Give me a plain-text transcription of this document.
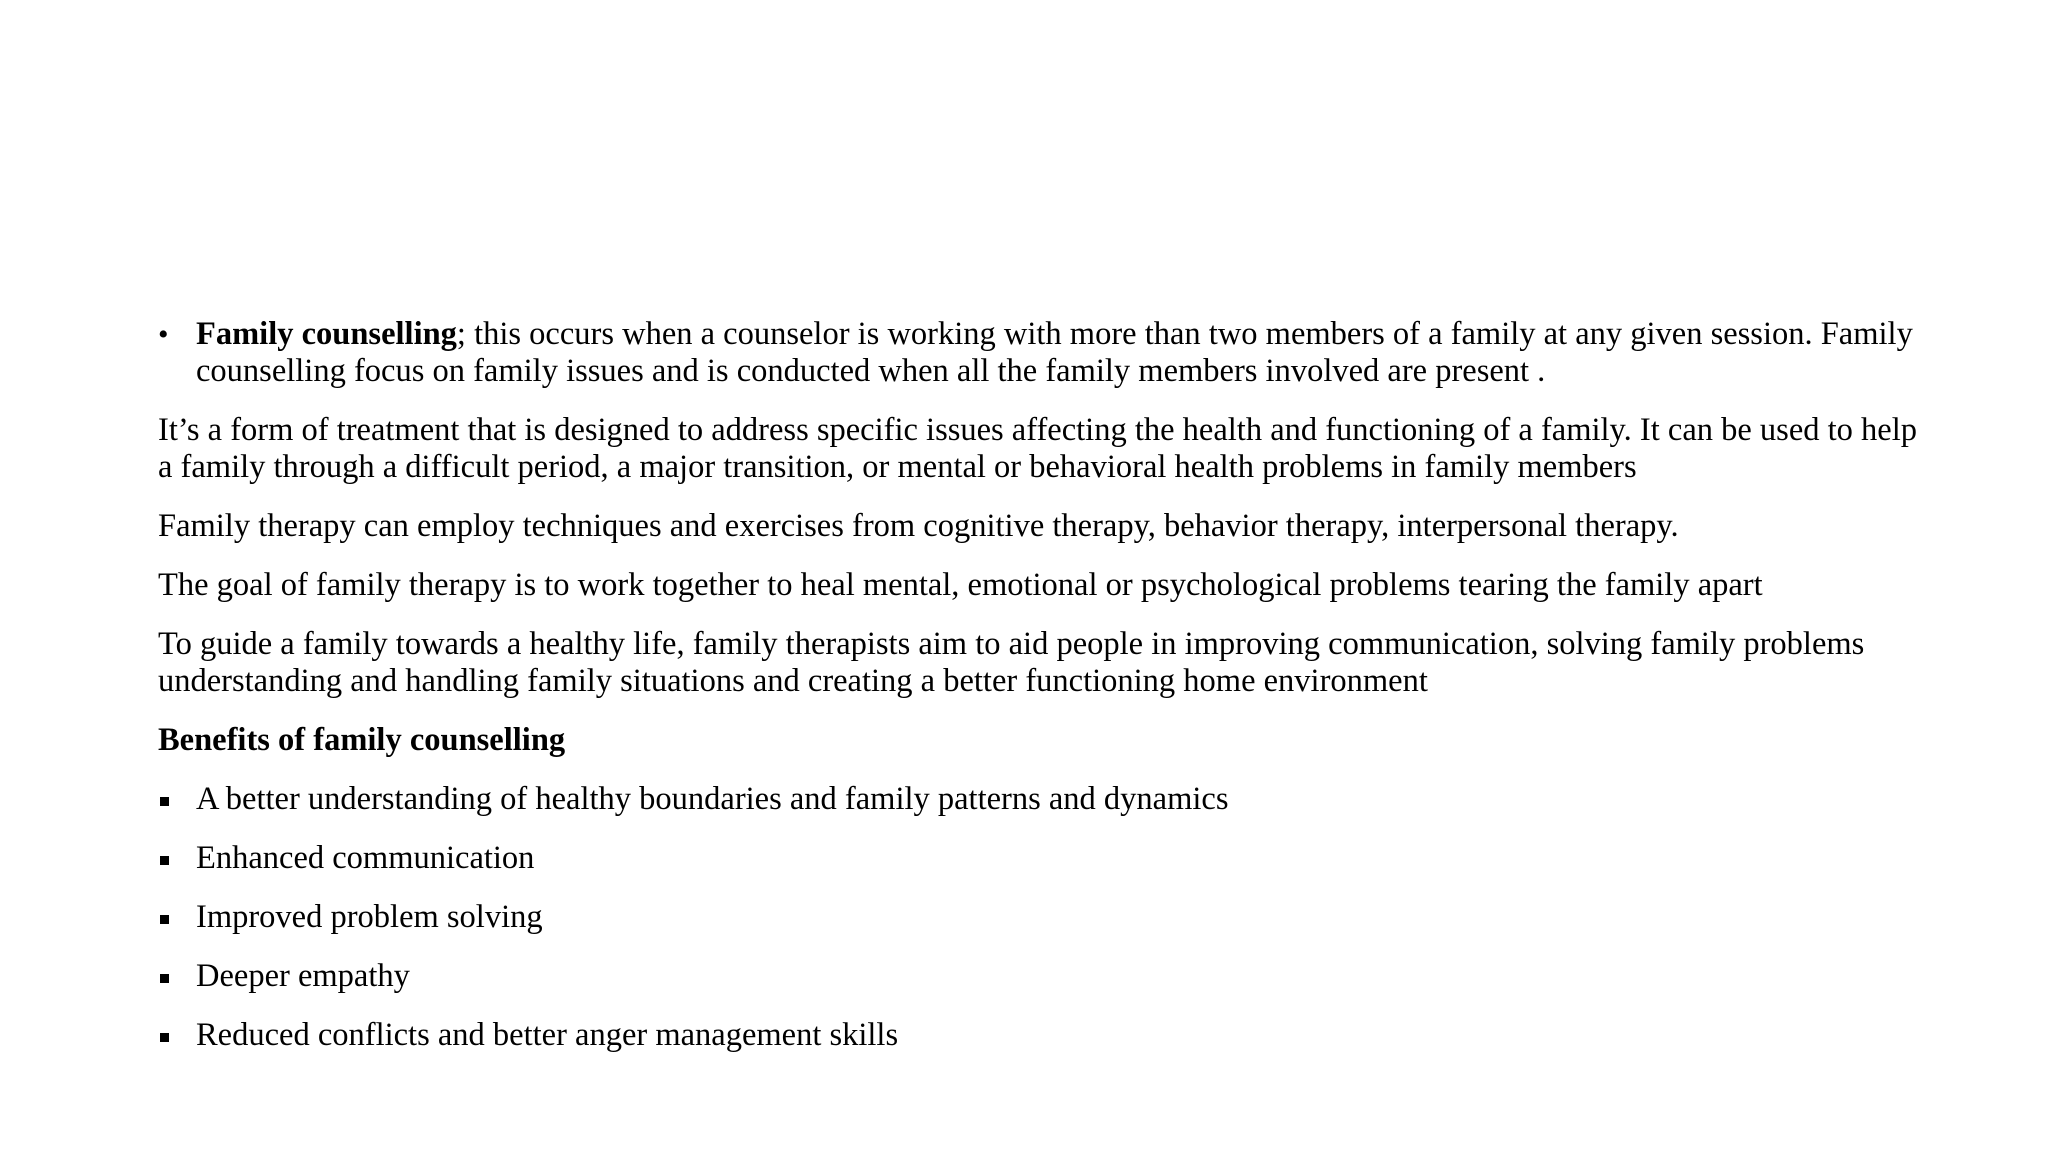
• Family counselling; this occurs when a counselor is working with more than two members of a family at any given session. Family counselling focus on family issues and is conducted when all the family members involved are present .
It’s a form of treatment that is designed to address specific issues affecting the health and functioning of a family. It can be used to help a family through a difficult period, a major transition, or mental or behavioral health problems in family members
Family therapy can employ techniques and exercises from cognitive therapy, behavior therapy, interpersonal therapy.
The goal of family therapy is to work together to heal mental, emotional or psychological problems tearing the family apart
To guide a family towards a healthy life, family therapists aim to aid people in improving communication, solving family problems understanding and handling family situations and creating a better functioning home environment
Benefits of family counselling
A better understanding of healthy boundaries and family patterns and dynamics
Enhanced communication
Improved problem solving
Deeper empathy
Reduced conflicts and better anger management skills
